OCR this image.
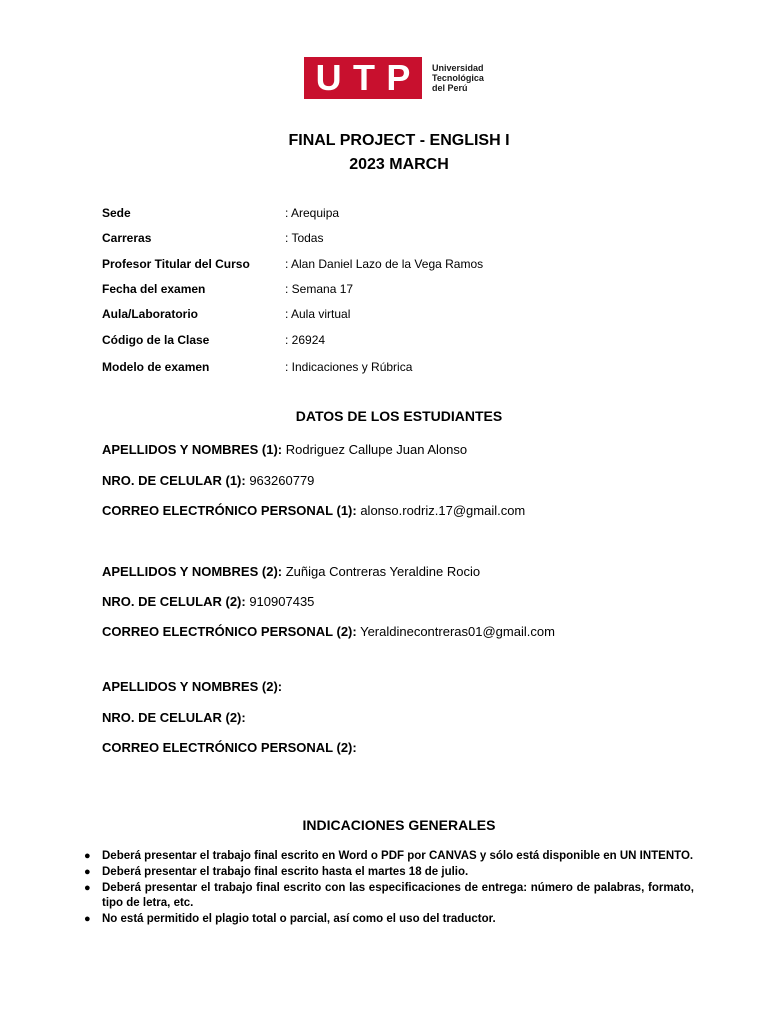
U T P Universidad
Tecnológica
del Perú
FINAL PROJECT - ENGLISH I
2023 MARCH
Sede	: Arequipa
Carreras	: Todas
Profesor Titular del Curso	: Alan Daniel Lazo de la Vega Ramos
Fecha del examen	: Semana 17
Aula/Laboratorio	: Aula virtual
Código de la Clase	: 26924
Modelo de examen	: Indicaciones y Rúbrica
DATOS DE LOS ESTUDIANTES
APELLIDOS Y NOMBRES (1): Rodriguez Callupe Juan Alonso
NRO. DE CELULAR (1): 963260779
CORREO ELECTRÓNICO PERSONAL (1): alonso.rodriz.17@gmail.com
APELLIDOS Y NOMBRES (2): Zuñiga Contreras Yeraldine Rocio
NRO. DE CELULAR (2): 910907435
CORREO ELECTRÓNICO PERSONAL (2): Yeraldinecontreras01@gmail.com
APELLIDOS Y NOMBRES (2):
NRO. DE CELULAR (2):
CORREO ELECTRÓNICO PERSONAL (2):
INDICACIONES GENERALES
● Deberá presentar el trabajo final escrito en Word o PDF por CANVAS y sólo está disponible en UN INTENTO.
● Deberá presentar el trabajo final escrito hasta el martes 18 de julio.
● Deberá presentar el trabajo final escrito con las especificaciones de entrega: número de palabras, formato, tipo de letra, etc.
● No está permitido el plagio total o parcial, así como el uso del traductor.
